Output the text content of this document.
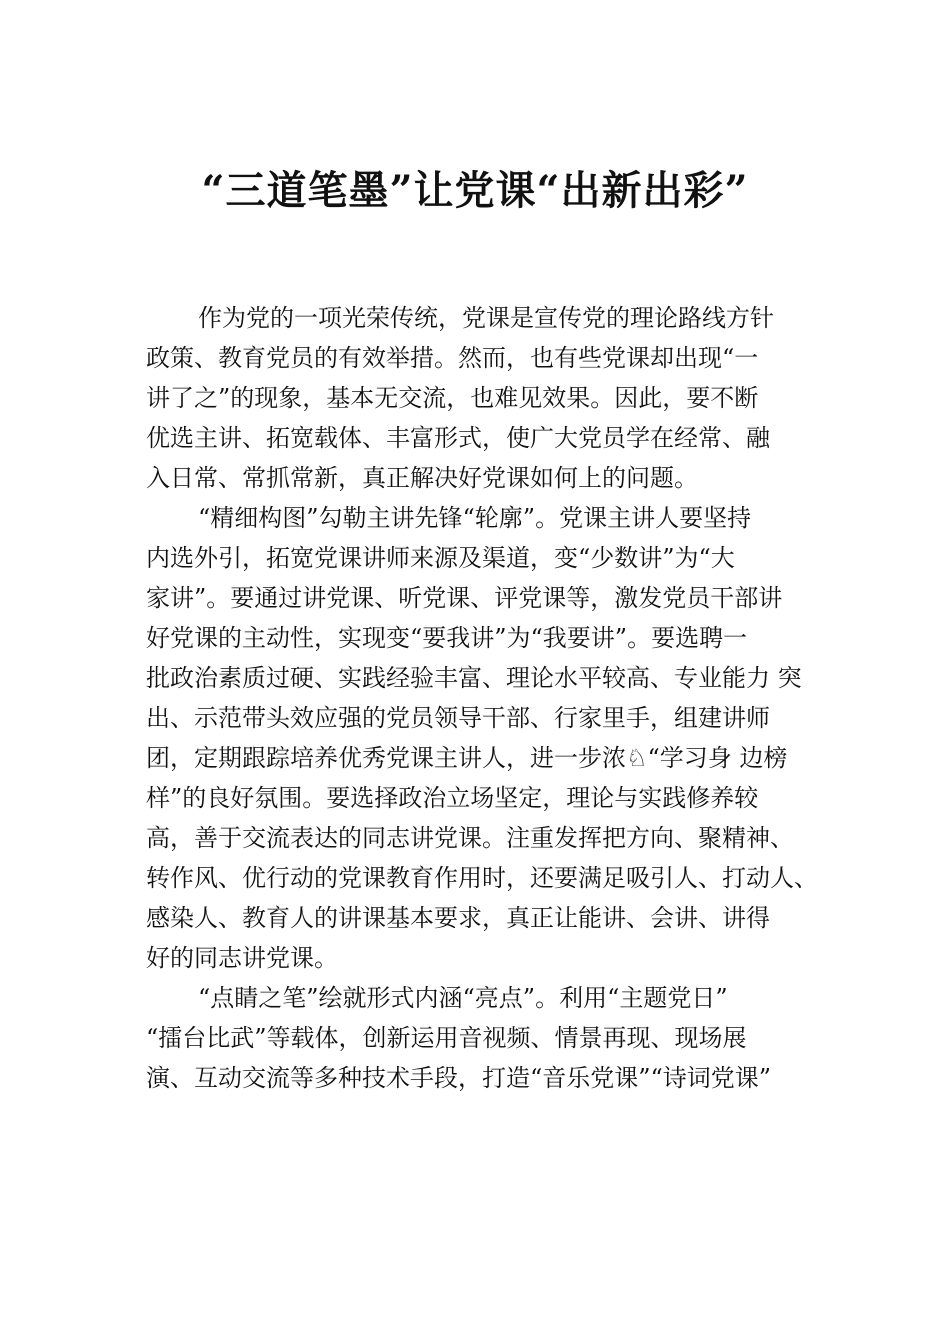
“三道笔墨”让党课“出新出彩”
作为党的一项光荣传统，党课是宣传党的理论路线方针
政策、教育党员的有效举措。然而，也有些党课却出现“一
讲了之”的现象，基本无交流，也难见效果。因此，要不断
优选主讲、拓宽载体、丰富形式，使广大党员学在经常、融
入日常、常抓常新，真正解决好党课如何上的问题。
“精细构图”勾勒主讲先锋“轮廓”。党课主讲人要坚持
内选外引，拓宽党课讲师来源及渠道，变“少数讲”为“大
家讲”。要通过讲党课、听党课、评党课等，激发党员干部讲
好党课的主动性，实现变“要我讲”为“我要讲”。要选聘一
批政治素质过硬、实践经验丰富、理论水平较高、专业能力 突
出、示范带头效应强的党员领导干部、行家里手，组建讲师
团，定期跟踪培养优秀党课主讲人，进一步浓♘“学习身 边榜
样”的良好氛围。要选择政治立场坚定，理论与实践修养较
高，善于交流表达的同志讲党课。注重发挥把方向、聚精神、
转作风、优行动的党课教育作用时，还要满足吸引人、打动人、
感染人、教育人的讲课基本要求，真正让能讲、会讲、讲得
好的同志讲党课。
“点睛之笔”绘就形式内涵“亮点”。利用“主题党日”
“擂台比武”等载体，创新运用音视频、情景再现、现场展
演、互动交流等多种技术手段，打造“音乐党课”“诗词党课”
